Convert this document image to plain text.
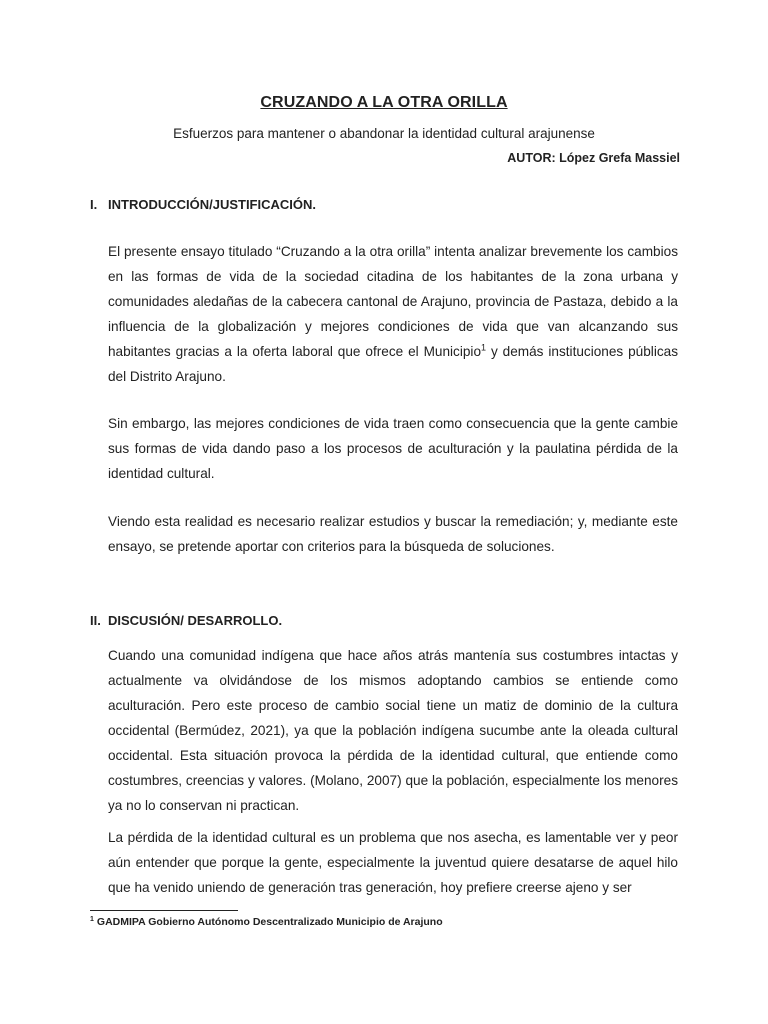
CRUZANDO A LA OTRA ORILLA
Esfuerzos para mantener o abandonar la identidad cultural arajunense
AUTOR: López Grefa Massiel
I. INTRODUCCIÓN/JUSTIFICACIÓN.

El presente ensayo titulado “Cruzando a la otra orilla” intenta analizar brevemente los cambios en las formas de vida de la sociedad citadina de los habitantes de la zona urbana y comunidades aledañas de la cabecera cantonal de Arajuno, provincia de Pastaza, debido a la influencia de la globalización y mejores condiciones de vida que van alcanzando sus habitantes gracias a la oferta laboral que ofrece el Municipio$^1$ y demás instituciones públicas del Distrito Arajuno.

Sin embargo, las mejores condiciones de vida traen como consecuencia que la gente cambie sus formas de vida dando paso a los procesos de aculturación y la paulatina pérdida de la identidad cultural.

Viendo esta realidad es necesario realizar estudios y buscar la remediación; y, mediante este ensayo, se pretende aportar con criterios para la búsqueda de soluciones.

II. DISCUSIÓN/ DESARROLLO.

Cuando una comunidad indígena que hace años atrás mantenía sus costumbres intactas y actualmente va olvidándose de los mismos adoptando cambios se entiende como aculturación. Pero este proceso de cambio social tiene un matiz de dominio de la cultura occidental (Bermúdez, 2021), ya que la población indígena sucumbe ante la oleada cultural occidental. Esta situación provoca la pérdida de la identidad cultural, que entiende como costumbres, creencias y valores. (Molano, 2007) que la población, especialmente los menores ya no lo conservan ni practican.

La pérdida de la identidad cultural es un problema que nos asecha, es lamentable ver y peor aún entender que porque la gente, especialmente la juventud quiere desatarse de aquel hilo que ha venido uniendo de generación tras generación, hoy prefiere creerse ajeno y ser

$^1$ GADMIPA Gobierno Autónomo Descentralizado Municipio de Arajuno
